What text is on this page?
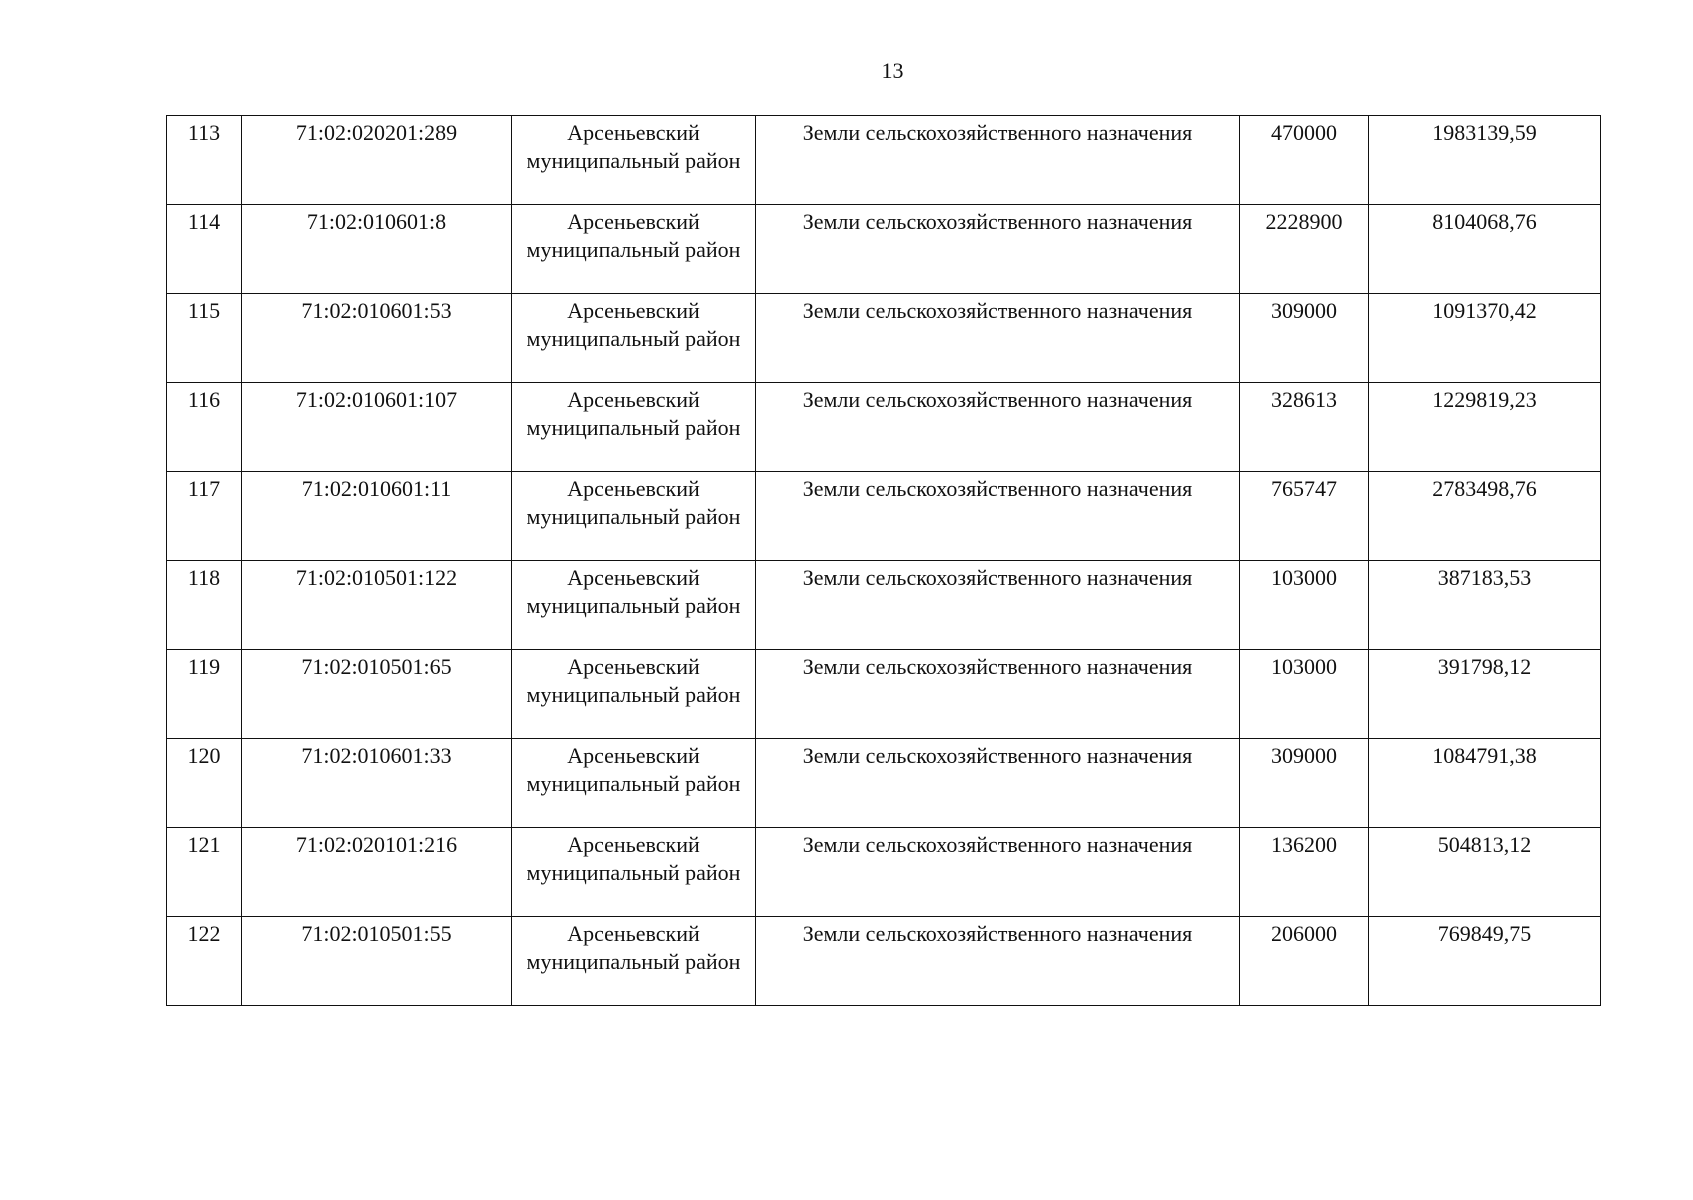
13
113	71:02:020201:289	Арсеньевский муниципальный район	Земли сельскохозяйственного назначения	470000	1983139,59
114	71:02:010601:8	Арсеньевский муниципальный район	Земли сельскохозяйственного назначения	2228900	8104068,76
115	71:02:010601:53	Арсеньевский муниципальный район	Земли сельскохозяйственного назначения	309000	1091370,42
116	71:02:010601:107	Арсеньевский муниципальный район	Земли сельскохозяйственного назначения	328613	1229819,23
117	71:02:010601:11	Арсеньевский муниципальный район	Земли сельскохозяйственного назначения	765747	2783498,76
118	71:02:010501:122	Арсеньевский муниципальный район	Земли сельскохозяйственного назначения	103000	387183,53
119	71:02:010501:65	Арсеньевский муниципальный район	Земли сельскохозяйственного назначения	103000	391798,12
120	71:02:010601:33	Арсеньевский муниципальный район	Земли сельскохозяйственного назначения	309000	1084791,38
121	71:02:020101:216	Арсеньевский муниципальный район	Земли сельскохозяйственного назначения	136200	504813,12
122	71:02:010501:55	Арсеньевский муниципальный район	Земли сельскохозяйственного назначения	206000	769849,75
